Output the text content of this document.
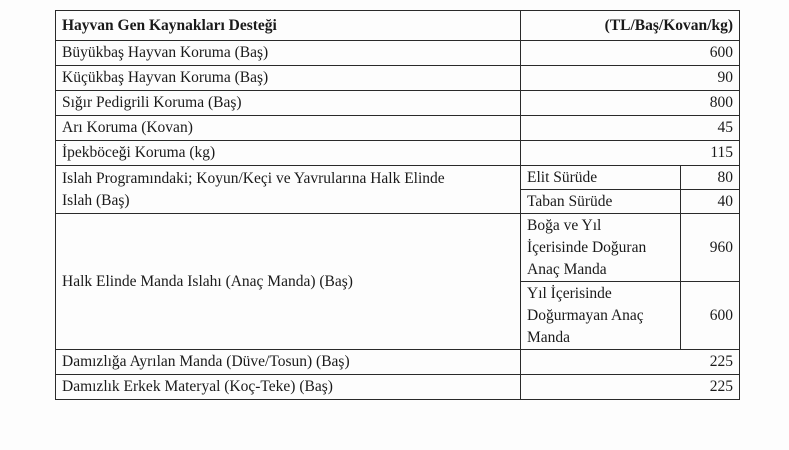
Hayvan Gen Kaynakları Desteği	(TL/Baş/Kovan/kg)	
Büyükbaş Hayvan Koruma (Baş)	600	
Küçükbaş Hayvan Koruma (Baş)	90	
Sığır Pedigrili Koruma (Baş)	800	
Arı Koruma (Kovan)	45	
İpekböceği Koruma (kg)	115	

Islah Programındaki; Koyun/Keçi ve Yavrularına Halk Elinde
Islah (Baş)	Elit Sürüde	80
	Taban Sürüde	40
Halk Elinde Manda Islahı (Anaç Manda) (Baş)	Boğa ve Yıl
İçerisinde Doğuran
Anaç Manda	960

	Yıl İçerisinde
Doğurmayan Anaç
Manda	600
Damızlığa Ayrılan Manda (Düve/Tosun) (Baş)	225	
Damızlık Erkek Materyal (Koç-Teke) (Baş)	225	
